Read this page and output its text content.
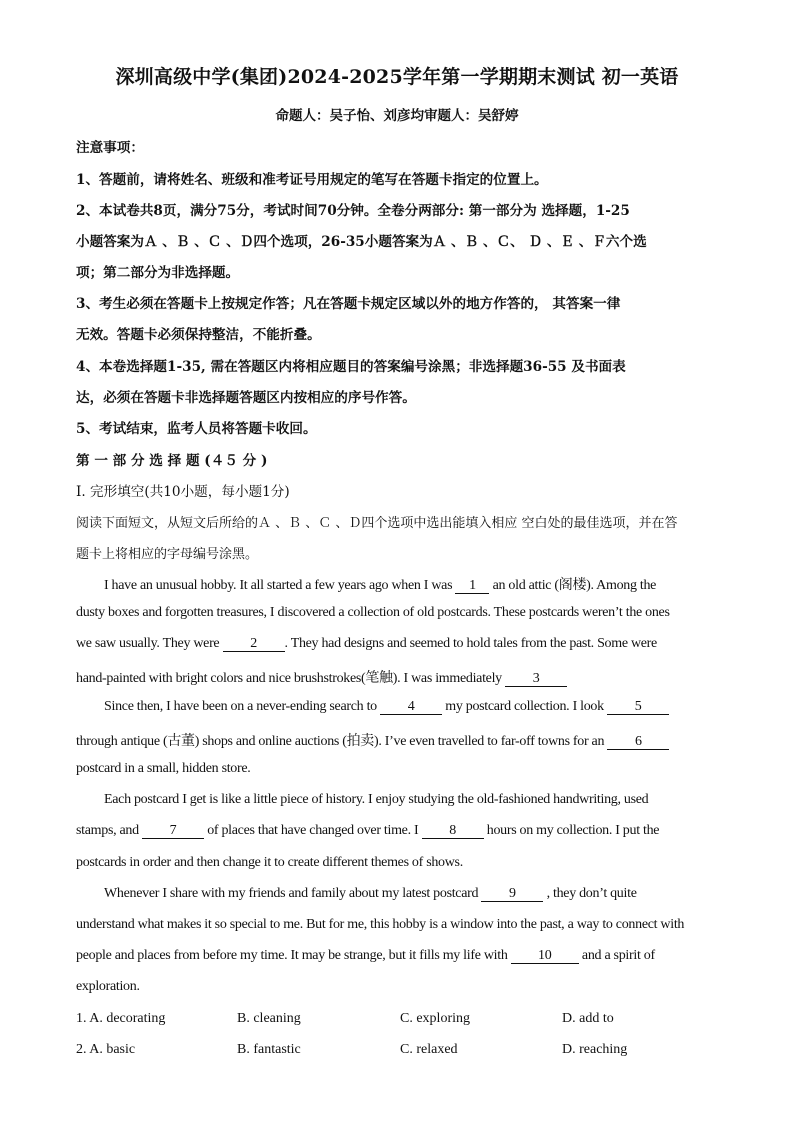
深圳高级中学(集团)2024-2025学年第一学期期末测试 初一英语
命题人：吴子怡、刘彦均审题人：吴舒婷
注意事项：
1、答题前，请将姓名、班级和准考证号用规定的笔写在答题卡指定的位置上。
2、本试卷共8页，满分75分，考试时间70分钟。全卷分两部分: 第一部分为 选择题，1-25
小题答案为Ａ 、Ｂ 、Ｃ 、Ｄ四个选项，26-35小题答案为Ａ 、Ｂ 、Ｃ、 Ｄ 、Ｅ 、Ｆ六个选
项；第二部分为非选择题。
3、考生必须在答题卡上按规定作答；凡在答题卡规定区域以外的地方作答的， 其答案一律
无效。答题卡必须保持整洁，不能折叠。
4、本卷选择题1-35, 需在答题区内将相应题目的答案编号涂黑；非选择题36-55 及书面表
达，必须在答题卡非选择题答题区内按相应的序号作答。
5、考试结束，监考人员将答题卡收回。
第 一 部 分 选 择 题 (４５ 分 )
I. 完形填空(共10小题，每小题1分)
阅读下面短文，从短文后所给的Ａ 、Ｂ 、Ｃ 、Ｄ四个选项中选出能填入相应 空白处的最佳选项，并在答
题卡上将相应的字母编号涂黑。
I have an unusual hobby. It all started a few years ago when I was 1 an old attic (阁楼). Among the
dusty boxes and forgotten treasures, I discovered a collection of old postcards. These postcards weren’t the ones
we saw usually. They were 2 . They had designs and seemed to hold tales from the past. Some were
hand-painted with bright colors and nice brushstrokes(笔触). I was immediately 3
Since then, I have been on a never-ending search to 4 my postcard collection. I look 5
through antique (古董) shops and online auctions (拍卖). I’ve even travelled to far-off towns for an 6
postcard in a small, hidden store.
Each postcard I get is like a little piece of history. I enjoy studying the old-fashioned handwriting, used
stamps, and 7 of places that have changed over time. I 8 hours on my collection. I put the
postcards in order and then change it to create different themes of shows.
Whenever I share with my friends and family about my latest postcard 9 , they don’t quite
understand what makes it so special to me. But for me, this hobby is a window into the past, a way to connect with
people and places from before my time. It may be strange, but it fills my life with 10 and a spirit of
exploration.
1. A. decorating	B. cleaning	C. exploring	D. add to
2. A. basic	B. fantastic	C. relaxed	D. reaching
